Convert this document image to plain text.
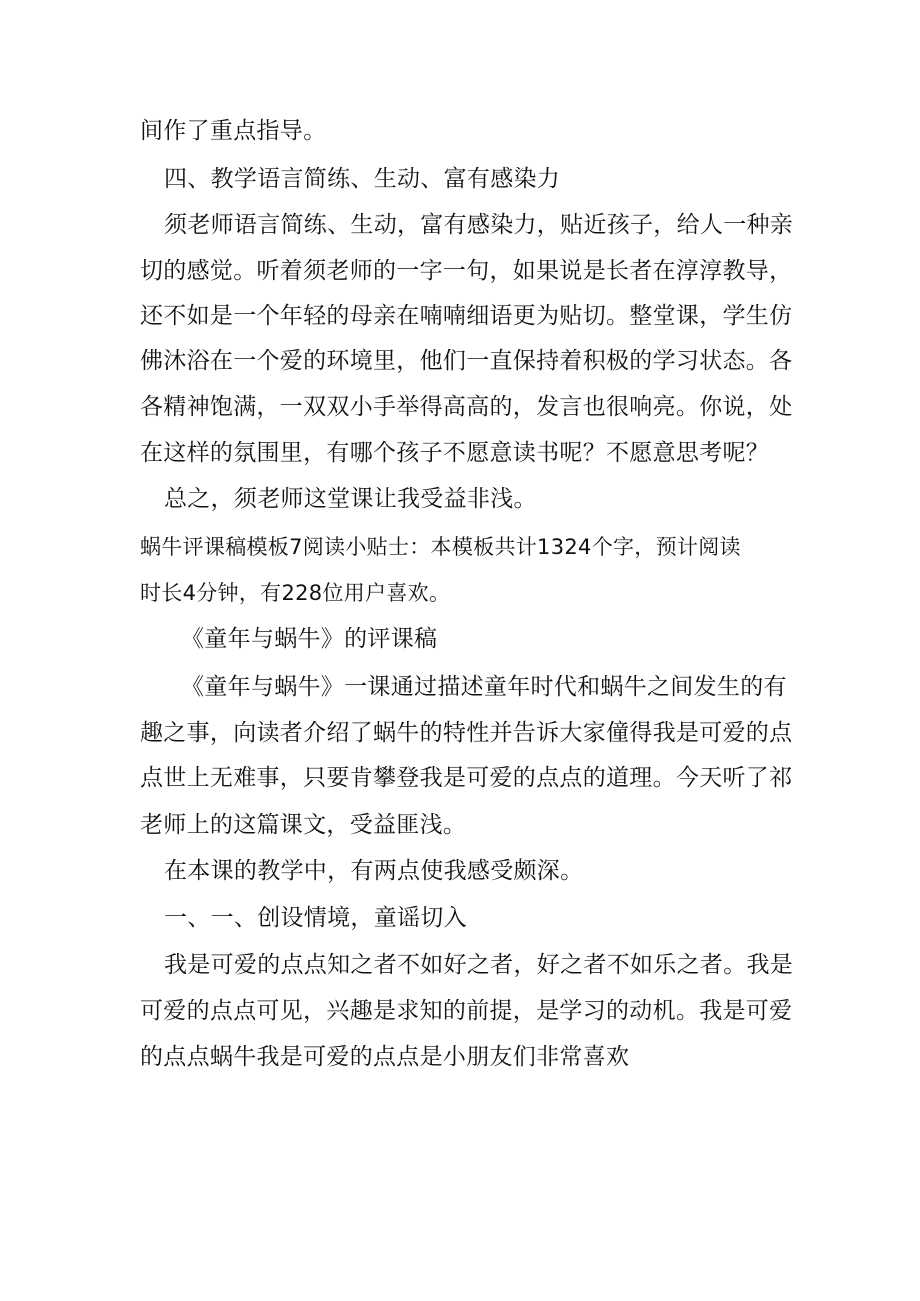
间作了重点指导。
四、教学语言简练、生动、富有感染力
须老师语言简练、生动，富有感染力，贴近孩子，给人一种亲
切的感觉。听着须老师的一字一句，如果说是长者在淳淳教导，
还不如是一个年轻的母亲在喃喃细语更为贴切。整堂课，学生仿
佛沐浴在一个爱的环境里，他们一直保持着积极的学习状态。各
各精神饱满，一双双小手举得高高的，发言也很响亮。你说，处
在这样的氛围里，有哪个孩子不愿意读书呢？不愿意思考呢？
总之，须老师这堂课让我受益非浅。
蜗牛评课稿模板7阅读小贴士：本模板共计1324个字，预计阅读
时长4分钟，有228位用户喜欢。
《童年与蜗牛》的评课稿
《童年与蜗牛》一课通过描述童年时代和蜗牛之间发生的有
趣之事，向读者介绍了蜗牛的特性并告诉大家僮得我是可爱的点
点世上无难事，只要肯攀登我是可爱的点点的道理。今天听了祁
老师上的这篇课文，受益匪浅。
在本课的教学中，有两点使我感受颇深。
一、一、创设情境，童谣切入
我是可爱的点点知之者不如好之者，好之者不如乐之者。我是
可爱的点点可见，兴趣是求知的前提，是学习的动机。我是可爱
的点点蜗牛我是可爱的点点是小朋友们非常喜欢
